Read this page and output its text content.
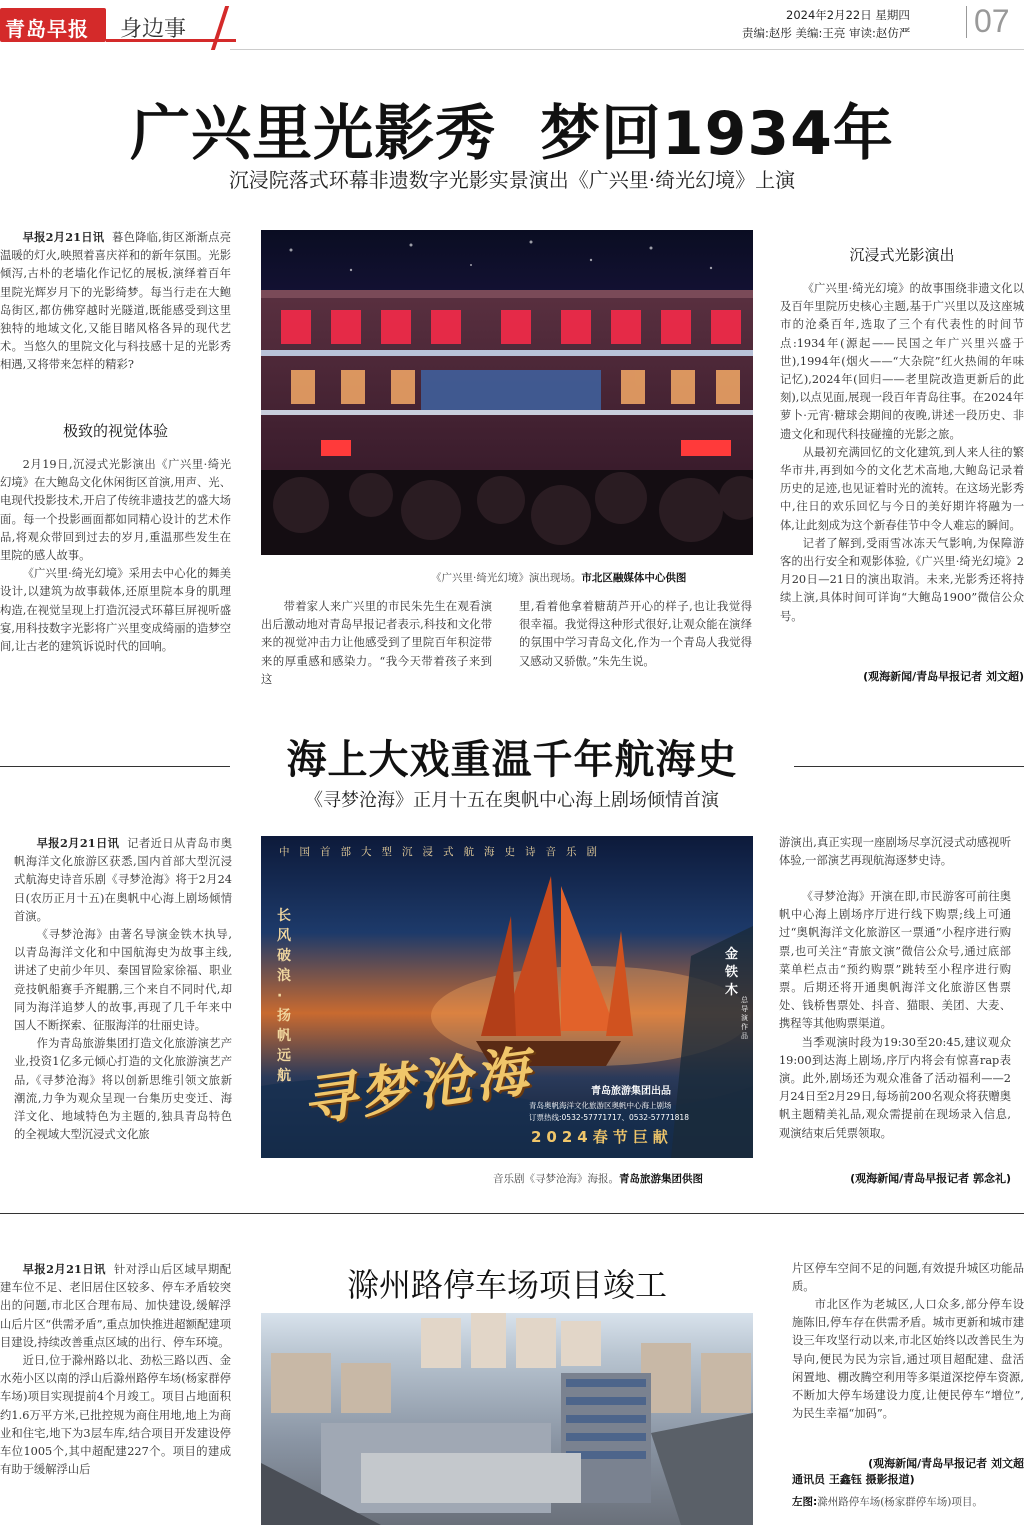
青岛早报 身边事
2024年2月22日 星期四
责编:赵彤 美编:王亮 审读:赵仿严 07
广兴里光影秀  梦回1934年
沉浸院落式环幕非遗数字光影实景演出《广兴里·绮光幻境》上演

早报2月21日讯 暮色降临,街区渐渐点亮温暖的灯火,映照着喜庆祥和的新年氛围。光影倾泻,古朴的老墙化作记忆的展板,演绎着百年里院光辉岁月下的光影绮梦。每当行走在大鲍岛街区,都仿佛穿越时光隧道,既能感受到这里独特的地域文化,又能目睹风格各异的现代艺术。当悠久的里院文化与科技感十足的光影秀相遇,又将带来怎样的精彩?

极致的视觉体验

2月19日,沉浸式光影演出《广兴里·绮光幻境》在大鲍岛文化休闲街区首演,用声、光、电现代投影技术,开启了传统非遗技艺的盛大场面。每一个投影画面都如同精心设计的艺术作品,将观众带回到过去的岁月,重温那些发生在里院的感人故事。

《广兴里·绮光幻境》采用去中心化的舞美设计,以建筑为故事载体,还原里院本身的肌理构造,在视觉呈现上打造沉浸式环幕巨屏视听盛宴,用科技数字光影将广兴里变成绮丽的造梦空间,让古老的建筑诉说时代的回响。

《广兴里·绮光幻境》演出现场。市北区融媒体中心供图

带着家人来广兴里的市民朱先生在观看演出后激动地对青岛早报记者表示,科技和文化带来的视觉冲击力让他感受到了里院百年积淀带来的厚重感和感染力。“我今天带着孩子来到这

里,看着他拿着糖葫芦开心的样子,也让我觉得很幸福。我觉得这种形式很好,让观众能在演绎的氛围中学习青岛文化,作为一个青岛人我觉得又感动又骄傲。”朱先生说。

沉浸式光影演出

《广兴里·绮光幻境》的故事围绕非遗文化以及百年里院历史核心主题,基于广兴里以及这座城市的沧桑百年,选取了三个有代表性的时间节点:1934年(源起——民国之年广兴里兴盛于世),1994年(烟火——“大杂院”红火热闹的年味记忆),2024年(回归——老里院改造更新后的此刻),以点见面,展现一段百年青岛往事。在2024年萝卜·元宵·糖球会期间的夜晚,讲述一段历史、非遗文化和现代科技碰撞的光影之旅。

从最初充满回忆的文化建筑,到人来人往的繁华市井,再到如今的文化艺术高地,大鲍岛记录着历史的足迹,也见证着时光的流转。在这场光影秀中,往日的欢乐回忆与今日的美好期许将融为一体,让此刻成为这个新春佳节中令人难忘的瞬间。

记者了解到,受雨雪冰冻天气影响,为保障游客的出行安全和观影体验,《广兴里·绮光幻境》2月20日—21日的演出取消。未来,光影秀还将持续上演,具体时间可详询“大鲍岛1900”微信公众号。

(观海新闻/青岛早报记者 刘文超)
海上大戏重温千年航海史
《寻梦沧海》正月十五在奥帆中心海上剧场倾情首演

早报2月21日讯 记者近日从青岛市奥帆海洋文化旅游区获悉,国内首部大型沉浸式航海史诗音乐剧《寻梦沧海》将于2月24日(农历正月十五)在奥帆中心海上剧场倾情首演。

《寻梦沧海》由著名导演金铁木执导,以青岛海洋文化和中国航海史为故事主线,讲述了史前少年贝、秦国冒险家徐福、职业竞技帆船赛手齐鲲鹏,三个来自不同时代,却同为海洋追梦人的故事,再现了几千年来中国人不断探索、征服海洋的壮丽史诗。

作为青岛旅游集团打造文化旅游演艺产业,投资1亿多元倾心打造的文化旅游演艺产品,《寻梦沧海》将以创新思维引领文旅新潮流,力争为观众呈现一台集历史变迁、海洋文化、地域特色为主题的,独具青岛特色的全视域大型沉浸式文化旅

中国首部大型沉浸式航海史诗音乐剧
长风破浪·扬帆远航
金铁木
总导演作品
寻梦沧海	青岛旅游集团出品
青岛奥帆海洋文化旅游区奥帆中心海上剧场
订票热线:0532-57771717、0532-57771818
2024春节巨献
音乐剧《寻梦沧海》海报。青岛旅游集团供图

游演出,真正实现一座剧场尽享沉浸式动感视听体验,一部演艺再现航海逐梦史诗。

《寻梦沧海》开演在即,市民游客可前往奥帆中心海上剧场序厅进行线下购票;线上可通过“奥帆海洋文化旅游区一票通”小程序进行购票,也可关注“青旅文演”微信公众号,通过底部菜单栏点击“预约购票”跳转至小程序进行购票。后期还将开通奥帆海洋文化旅游区售票处、钱桥售票处、抖音、猫眼、美团、大麦、携程等其他购票渠道。

当季观演时段为19:30至20:45,建议观众19:00到达海上剧场,序厅内将会有惊喜rap表演。此外,剧场还为观众准备了活动福利——2月24日至2月29日,每场前200名观众将获赠奥帆主题精美礼品,观众需提前在现场录入信息,观演结束后凭票领取。

(观海新闻/青岛早报记者 郭念礼)

早报2月21日讯 针对浮山后区域早期配建车位不足、老旧居住区较多、停车矛盾较突出的问题,市北区合理布局、加快建设,缓解浮山后片区“供需矛盾”,重点加快推进超额配建项目建设,持续改善重点区域的出行、停车环境。

近日,位于滁州路以北、劲松三路以西、金水苑小区以南的浮山后滁州路停车场(杨家群停车场)项目实现提前4个月竣工。项目占地面积约1.6万平方米,已批控规为商住用地,地上为商业和住宅,地下为3层车库,结合项目开发建设停车位1005个,其中超配建227个。项目的建成有助于缓解浮山后

滁州路停车场项目竣工	片区停车空间不足的问题,有效提升城区功能品质。

市北区作为老城区,人口众多,部分停车设施陈旧,停车存在供需矛盾。城市更新和城市建设三年攻坚行动以来,市北区始终以改善民生为导向,便民为民为宗旨,通过项目超配建、盘活闲置地、棚改腾空利用等多渠道深挖停车资源,不断加大停车场建设力度,让便民停车“增位”,为民生幸福“加码”。

(观海新闻/青岛早报记者 刘文超
通讯员 王鑫钰 摄影报道)
左图:滁州路停车场(杨家群停车场)项目。
